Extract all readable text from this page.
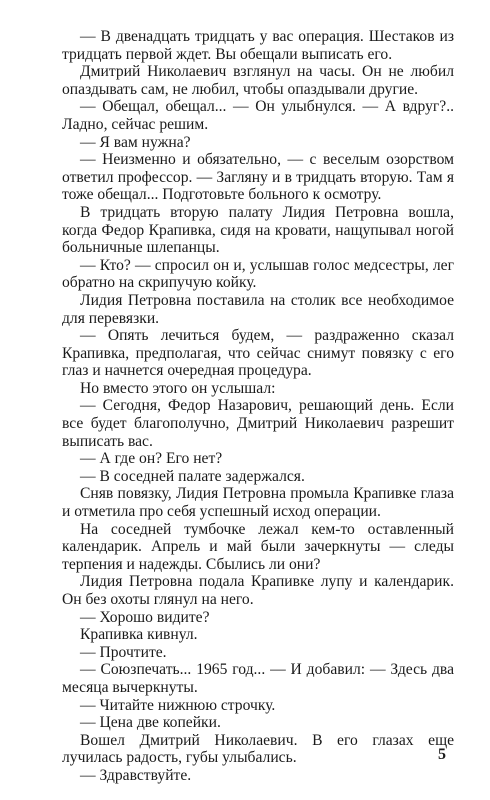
— В двенадцать тридцать у вас операция. Шестаков из тридцать первой ждет. Вы обещали выписать его.

Дмитрий Николаевич взглянул на часы. Он не любил опаздывать сам, не любил, чтобы опаздывали другие.

— Обещал, обещал... — Он улыбнулся. — А вдруг?.. Ладно, сейчас решим.

— Я вам нужна?

— Неизменно и обязательно, — с веселым озорством ответил профессор. — Загляну и в тридцать вторую. Там я тоже обещал... Подготовьте больного к осмотру.

В тридцать вторую палату Лидия Петровна вошла, когда Федор Крапивка, сидя на кровати, нащупывал ногой больничные шлепанцы.

— Кто? — спросил он и, услышав голос медсестры, лег обратно на скрипучую койку.

Лидия Петровна поставила на столик все необходимое для перевязки.

— Опять лечиться будем, — раздраженно сказал Крапивка, предполагая, что сейчас снимут повязку с его глаз и начнется очередная процедура.

Но вместо этого он услышал:

— Сегодня, Федор Назарович, решающий день. Если все будет благополучно, Дмитрий Николаевич разрешит выписать вас.

— А где он? Его нет?

— В соседней палате задержался.

Сняв повязку, Лидия Петровна промыла Крапивке глаза и отметила про себя успешный исход операции.

На соседней тумбочке лежал кем-то оставленный календарик. Апрель и май были зачеркнуты — следы терпения и надежды. Сбылись ли они?

Лидия Петровна подала Крапивке лупу и календарик. Он без охоты глянул на него.

— Хорошо видите?

Крапивка кивнул.

— Прочтите.

— Союзпечать... 1965 год... — И добавил: — Здесь два месяца вычеркнуты.

— Читайте нижнюю строчку.

— Цена две копейки.

Вошел Дмитрий Николаевич. В его глазах еще лучилась радость, губы улыбались.

— Здравствуйте.

5
